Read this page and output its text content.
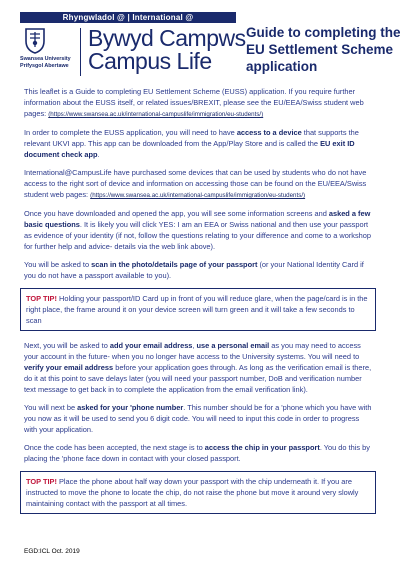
Rhyngwladol @ | International @
Swansea University
Prifysgol Abertawe
Bywyd Campws
Campus Life
Guide to completing the EU Settlement Scheme application

This leaflet is a Guide to completing EU Settlement Scheme (EUSS) application. If you require further information about the EUSS itself, or related issues/BREXIT, please see the EU/EEA/Swiss student web pages: (https://www.swansea.ac.uk/international-campuslife/immigration/eu-students/)

In order to complete the EUSS application, you will need to have access to a device that supports the relevant UKVI app. This app can be downloaded from the App/Play Store and is called the EU exit ID document check app.

International@CampusLife have purchased some devices that can be used by students who do not have access to the right sort of device and information on accessing those can be found on the EU/EEA/Swiss student web pages: (https://www.swansea.ac.uk/international-campuslife/immigration/eu-students/)

Once you have downloaded and opened the app, you will see some information screens and asked a few basic questions. It is likely you will click YES: I am an EEA or Swiss national and then use your passport as evidence of your identity (if not, follow the questions relating to your difference and come to a workshop for further help and advice- details via the web link above).

You will be asked to scan in the photo/details page of your passport (or your National Identity Card if you do not have a passport available to you).

TOP TIP! Holding your passport/ID Card up in front of you will reduce glare, when the page/card is in the right place, the frame around it on your device screen will turn green and it will take a few seconds to scan

Next, you will be asked to add your email address, use a personal email as you may need to access your account in the future- when you no longer have access to the University systems. You will need to verify your email address before your application goes through. As long as the verification email is there, do it at this point to save delays later (you will need your passport number, DoB and verification number text message to get back in to complete the application from the email verification link).

You will next be asked for your 'phone number. This number should be for a 'phone which you have with you now as it will be used to send you 6 digit code. You will need to input this code in order to progress with your application.

Once the code has been accepted, the next stage is to access the chip in your passport. You do this by placing the 'phone face down in contact with your closed passport.

TOP TIP! Place the phone about half way down your passport with the chip underneath it. If you are instructed to move the phone to locate the chip, do not raise the phone but move it around very slowly maintaining contact with the passport at all times.
EGD:ICL Oct. 2019
